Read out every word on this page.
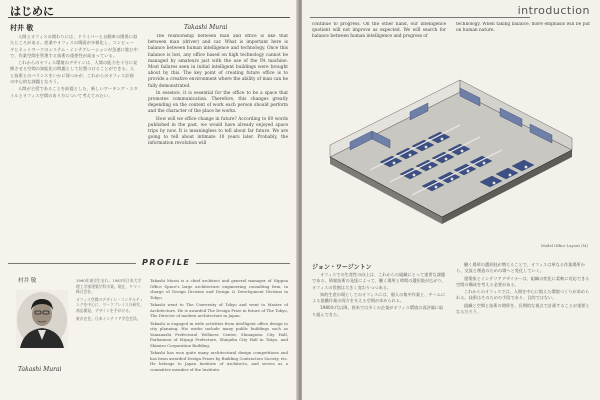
はじめに
村井 敬	Takashi Murai

人間とオフィスの関わりには、ドライバーと自動車の関係に似たところがある。産業やオフィスの場面が多様化し、コンピュータとネットワークのシステム・インテグレーションが急速に進む中で、作業空間を管理する技術の重要性が高まっている。

これからのオフィス環境のデザインは、人間の能力を十分に発揮させる空間の知能化の問題として位置づけることができる。人と技術とのバランスをいかに保つかが、これからのオフィス計画の中心的な課題となろう。

人間が主役であることを前提とした、新しいワーキング・スタイルとオフィス空間のあり方について考えてみたい。

The relationship between man and office is like that between man (driver) and car. What is important here is balance between human intelligence and technology. Once this balance is lost, any office based on high technology cannot be managed by amateurs just with the use of the PA machine. Most failures seen in initial intelligent buildings were brought about by this. The key point of creating future office is to provide a creative environment where the ability of man can be fully demonstrated.

In essence, it is essential for the office to be a space that promotes communication. Therefore, this changes greatly depending on the content of work each person should perform and the character of the place he works.

How will we office change in future? According to 60 words published in the past, we would have already enjoyed space trips by now. It is meaningless to tell about far future. We are going to tell about intimate 10 years later. Probably, the information revolution will

PROFILE
村井 敬
Takashi Murai

1960年東京生まれ。1983年日本大学理工学部建築学科卒業。現在、ヤマハ株式会社。

オフィス空間のデザイン・コンサルティングを中心に、ワークプレイスの研究、商品開発、デザインを手がける。

東京在住。日本インテリア学会会員。

Takashi Murai is a chief architect and general manager of Nippon Office Space's large architecture engineering consulting firm, in charge of Design Division and Design & Development Division in Tokyo.

Takashi went to The University of Tokyo and went to Master of Architecture. He is awarded The Design Prize in future of The Tokyo, The Director of modern architecture in Japan.

Takashi is engaged in wide activities from intelligent office design to city planning. His works include many public buildings such as Yamanashi Prefectural Wellness Center, Shinagawa City Hall, Parliament of Miyagi Prefecture, Shinjuku City Hall in Tokyo, and Shimizu Corporation Building.

Takashi has won quite many architectural design competitions and has been awarded Design Prizes by Building Contractors Society, etc. He belongs to Japan Institute of Architects, and serves as a committee member of the Institute.

introduction
continue to progress. On the other hand, our intelligence quotient will not improve as expected. We will search for balance between human intelligence and progress of
technology. When taking balance, more emphasis will be put on human nature.
Model Office Layout (M)
ジョン・ワージントン

オフィスでの生産性の向上は、これからの組織にとって重要な課題である。情報技術の発達によって、働く場所と時間の選択肢が広がり、オフィスの役割は大きく変わりつつある。

知的生産の場としてのオフィスには、個人の集中作業と、チームによる協働作業の両方を支える空間が求められる。

1980年代以降、欧米では多くの企業がオフィス環境の再評価に取り組んできた。

働く場所の選択肢が増えることで、オフィスは単なる作業場所から、交流と創造のための場へと変化していく。

建築家とインテリアデザイナーは、組織の変化に柔軟に対応できる空間の構成を考える必要がある。

これからのオフィスでは、人間を中心に据えた環境づくりが求められる。技術はそのための手段であり、目的ではない。

組織と空間と技術の関係を、長期的な視点で計画することが重要となるだろう。
